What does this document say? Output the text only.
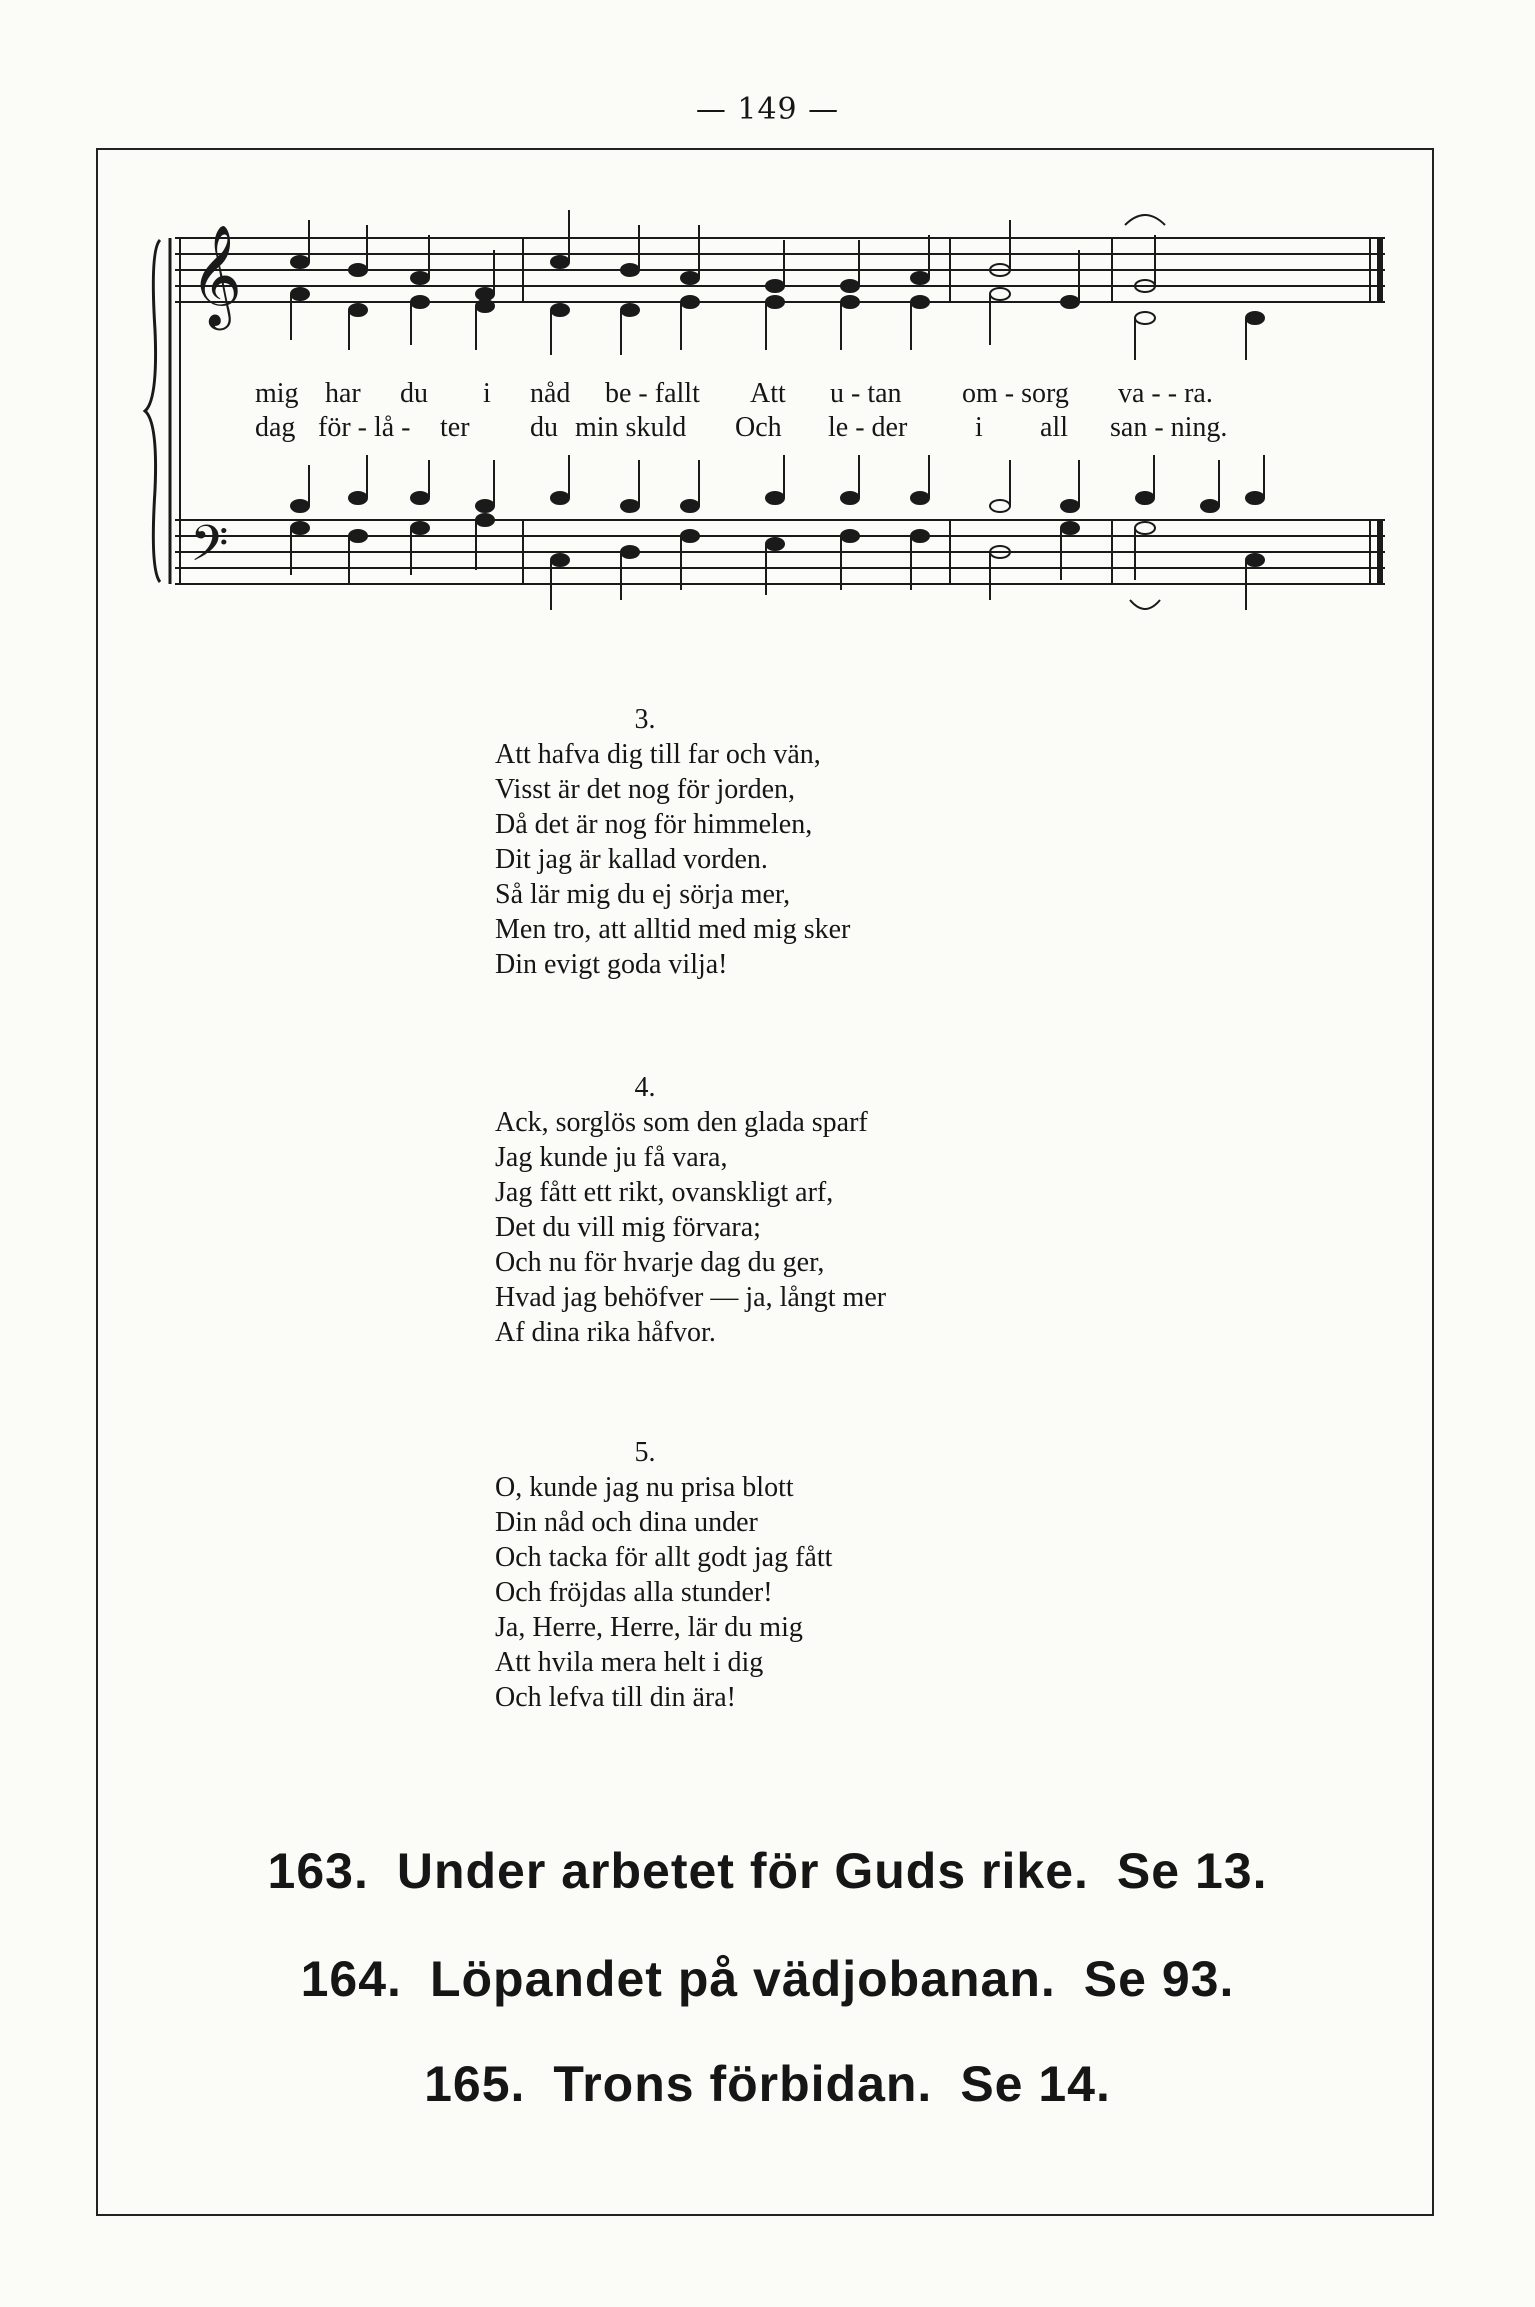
— 149 —
𝄞
𝄢
mig har du i nåd be - fallt Att u - tan om - sorg va - - ra.
dag för - lå - ter du min skuld Och le - der i all san - ning.
3.
Att hafva dig till far och vän,
Visst är det nog för jorden,
Då det är nog för himmelen,
Dit jag är kallad vorden.
Så lär mig du ej sörja mer,
Men tro, att alltid med mig sker
Din evigt goda vilja!
4.
Ack, sorglös som den glada sparf
Jag kunde ju få vara,
Jag fått ett rikt, ovanskligt arf,
Det du vill mig förvara;
Och nu för hvarje dag du ger,
Hvad jag behöfver — ja, långt mer
Af dina rika håfvor.
5.
O, kunde jag nu prisa blott
Din nåd och dina under
Och tacka för allt godt jag fått
Och fröjdas alla stunder!
Ja, Herre, Herre, lär du mig
Att hvila mera helt i dig
Och lefva till din ära!
163. Under arbetet för Guds rike. Se 13.
164. Löpandet på vädjobanan. Se 93.
165. Trons förbidan. Se 14.
